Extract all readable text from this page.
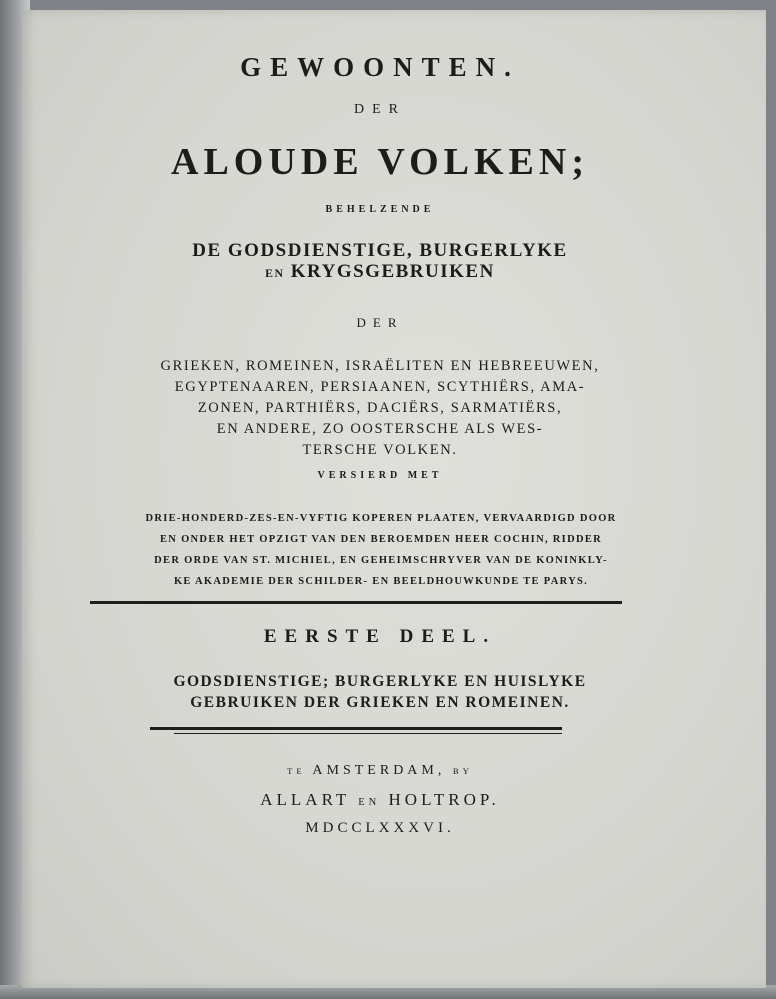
GEWOONTEN.

DER

ALOUDE VOLKEN;

BEHELZENDE

DE GODSDIENSTIGE, BURGERLYKE

EN KRYGSGEBRUIKEN

DER

GRIEKEN, ROMEINEN, ISRAËLITEN EN HEBREEUWEN,
EGYPTENAAREN, PERSIAANEN, SCYTHIËRS, AMA-
ZONEN, PARTHIËRS, DACIËRS, SARMATIËRS,
EN ANDERE, ZO OOSTERSCHE ALS WES-
TERSCHE VOLKEN.

VERSIERD MET

DRIE-HONDERD-ZES-EN-VYFTIG KOPEREN PLAATEN, VERVAARDIGD DOOR
EN ONDER HET OPZIGT VAN DEN BEROEMDEN HEER COCHIN, RIDDER
DER ORDE VAN ST. MICHIEL, EN GEHEIMSCHRYVER VAN DE KONINKLY-
KE AKADEMIE DER SCHILDER- EN BEELDHOUWKUNDE TE PARYS.

EERSTE DEEL.

GODSDIENSTIGE; BURGERLYKE EN HUISLYKE
GEBRUIKEN DER GRIEKEN EN ROMEINEN.

TE AMSTERDAM, BY

ALLART EN HOLTROP.

MDCCLXXXVI.
